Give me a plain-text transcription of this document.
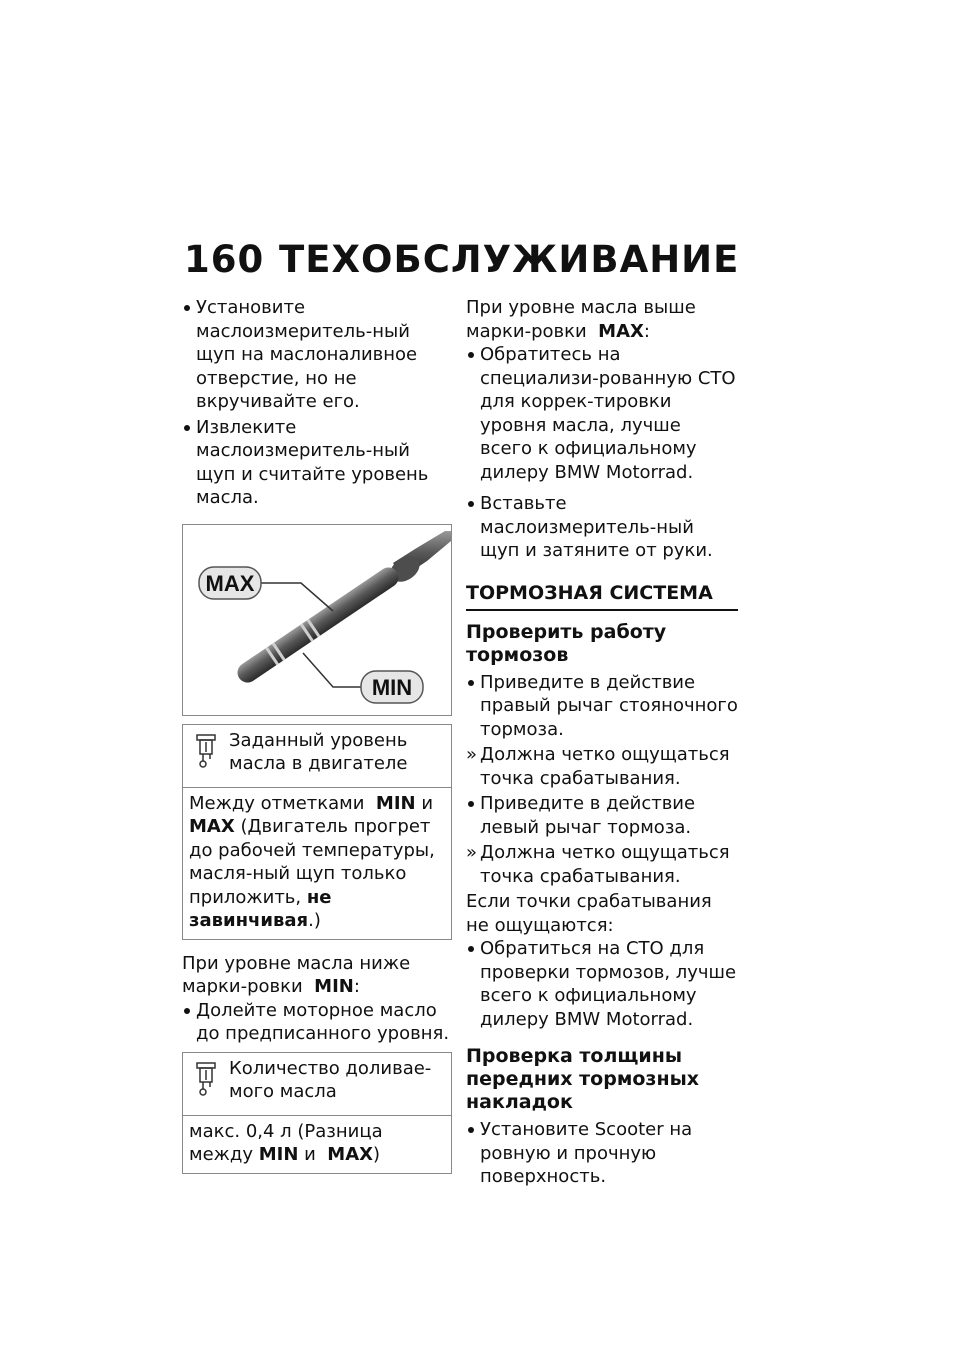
160 ТЕХОБСЛУЖИВАНИЕ
Установите маслоизмеритель-ный щуп на маслоналивное отверстие, но не вкручивайте его.
Извлеките маслоизмеритель-ный щуп и считайте уровень масла.
MAX
MIN
Заданный уровень масла в двигателе
Между отметками MIN и MAX (Двигатель прогрет до рабочей температуры, масля-ный щуп только приложить, не завинчивая.)

При уровне масла ниже марки-ровки MIN:

Долейте моторное масло до предписанного уровня.
Количество доливае-мого масла
макс. 0,4 л (Разница между MIN и MAX)

При уровне масла выше марки-ровки MAX:

Обратитесь на специализи-рованную СТО для коррек-тировки уровня масла, лучше всего к официальному дилеру BMW Motorrad.
Вставьте маслоизмеритель-ный щуп и затяните от руки.
ТОРМОЗНАЯ СИСТЕМА
Проверить работу тормозов
Приведите в действие правый рычаг стояночного тормоза.
» Должна четко ощущаться точка срабатывания.
Приведите в действие левый рычаг тормоза.
» Должна четко ощущаться точка срабатывания.

Если точки срабатывания не ощущаются:

Обратиться на СТО для проверки тормозов, лучше всего к официальному дилеру BMW Motorrad.
Проверка толщины передних тормозных накладок
Установите Scooter на ровную и прочную поверхность.
